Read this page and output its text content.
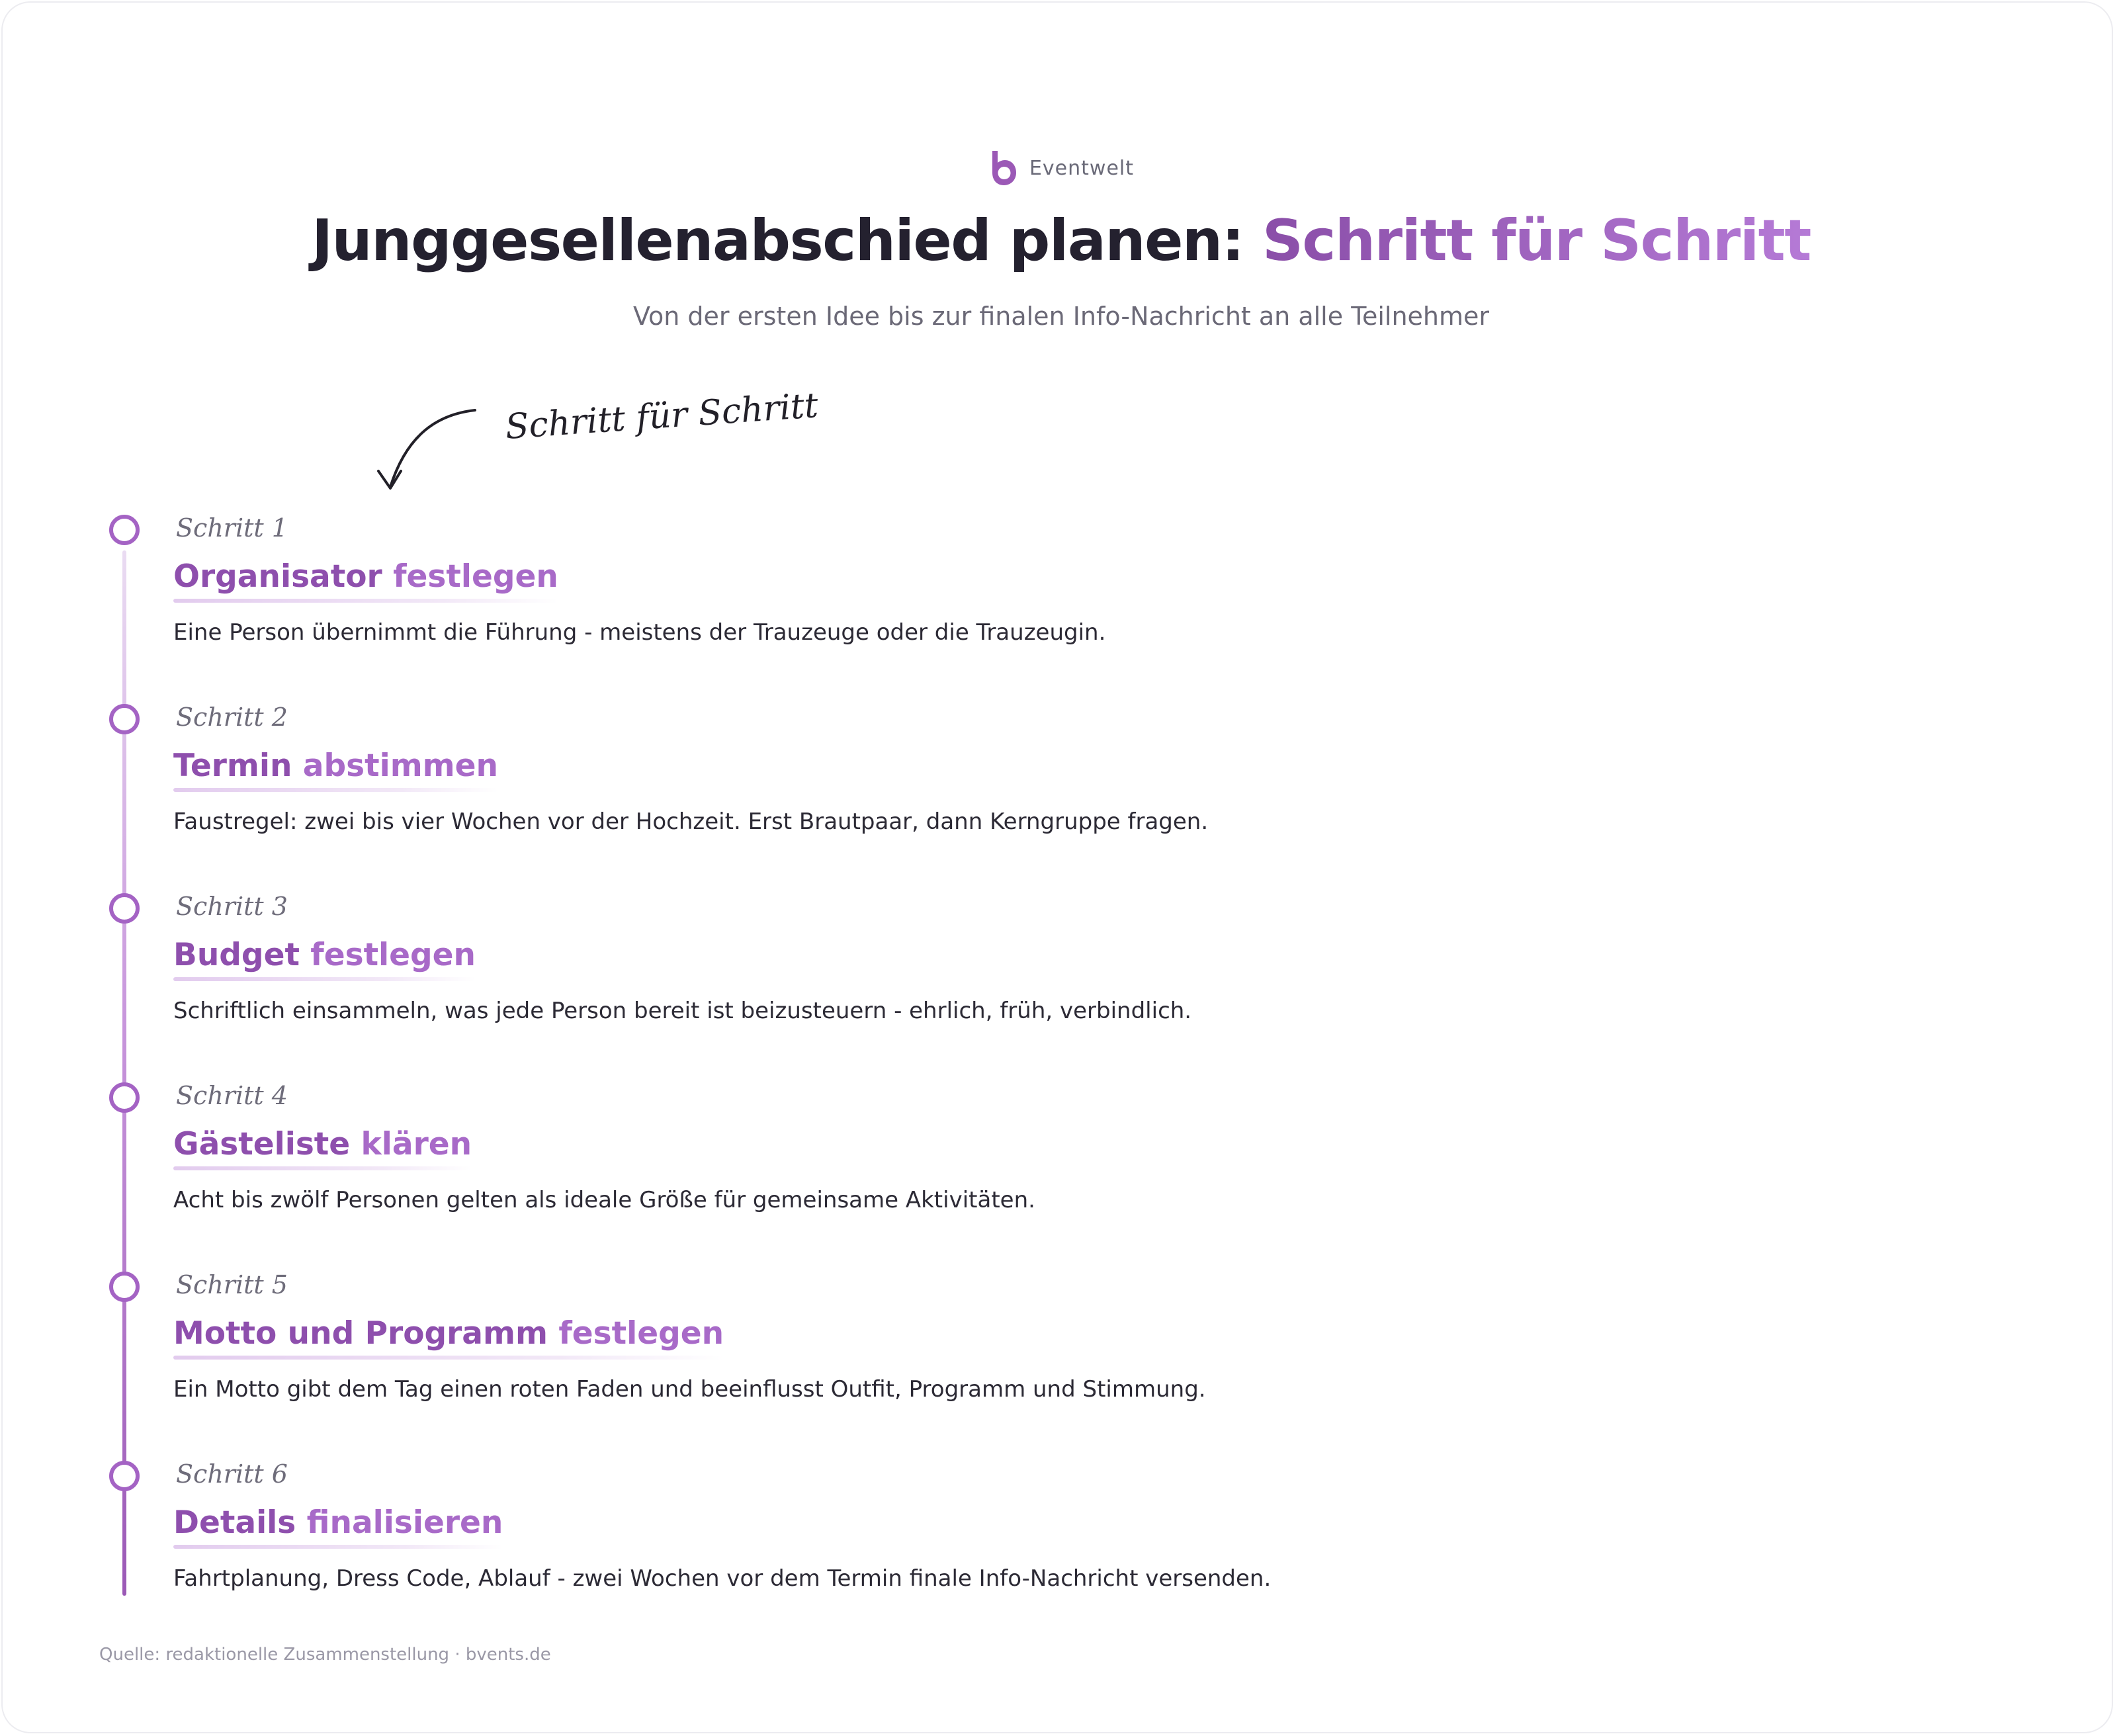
Eventwelt
Junggesellenabschied planen: Schritt für Schritt

Von der ersten Idee bis zur finalen Info-Nachricht an alle Teilnehmer

Schritt für Schritt
Schritt 1
Organisator festlegen
Eine Person übernimmt die Führung - meistens der Trauzeuge oder die Trauzeugin.
Schritt 2
Termin abstimmen
Faustregel: zwei bis vier Wochen vor der Hochzeit. Erst Brautpaar, dann Kerngruppe fragen.
Schritt 3
Budget festlegen
Schriftlich einsammeln, was jede Person bereit ist beizusteuern - ehrlich, früh, verbindlich.
Schritt 4
Gästeliste klären
Acht bis zwölf Personen gelten als ideale Größe für gemeinsame Aktivitäten.
Schritt 5
Motto und Programm festlegen
Ein Motto gibt dem Tag einen roten Faden und beeinflusst Outfit, Programm und Stimmung.
Schritt 6
Details finalisieren
Fahrtplanung, Dress Code, Ablauf - zwei Wochen vor dem Termin finale Info-Nachricht versenden.
Quelle: redaktionelle Zusammenstellung · bvents.de
